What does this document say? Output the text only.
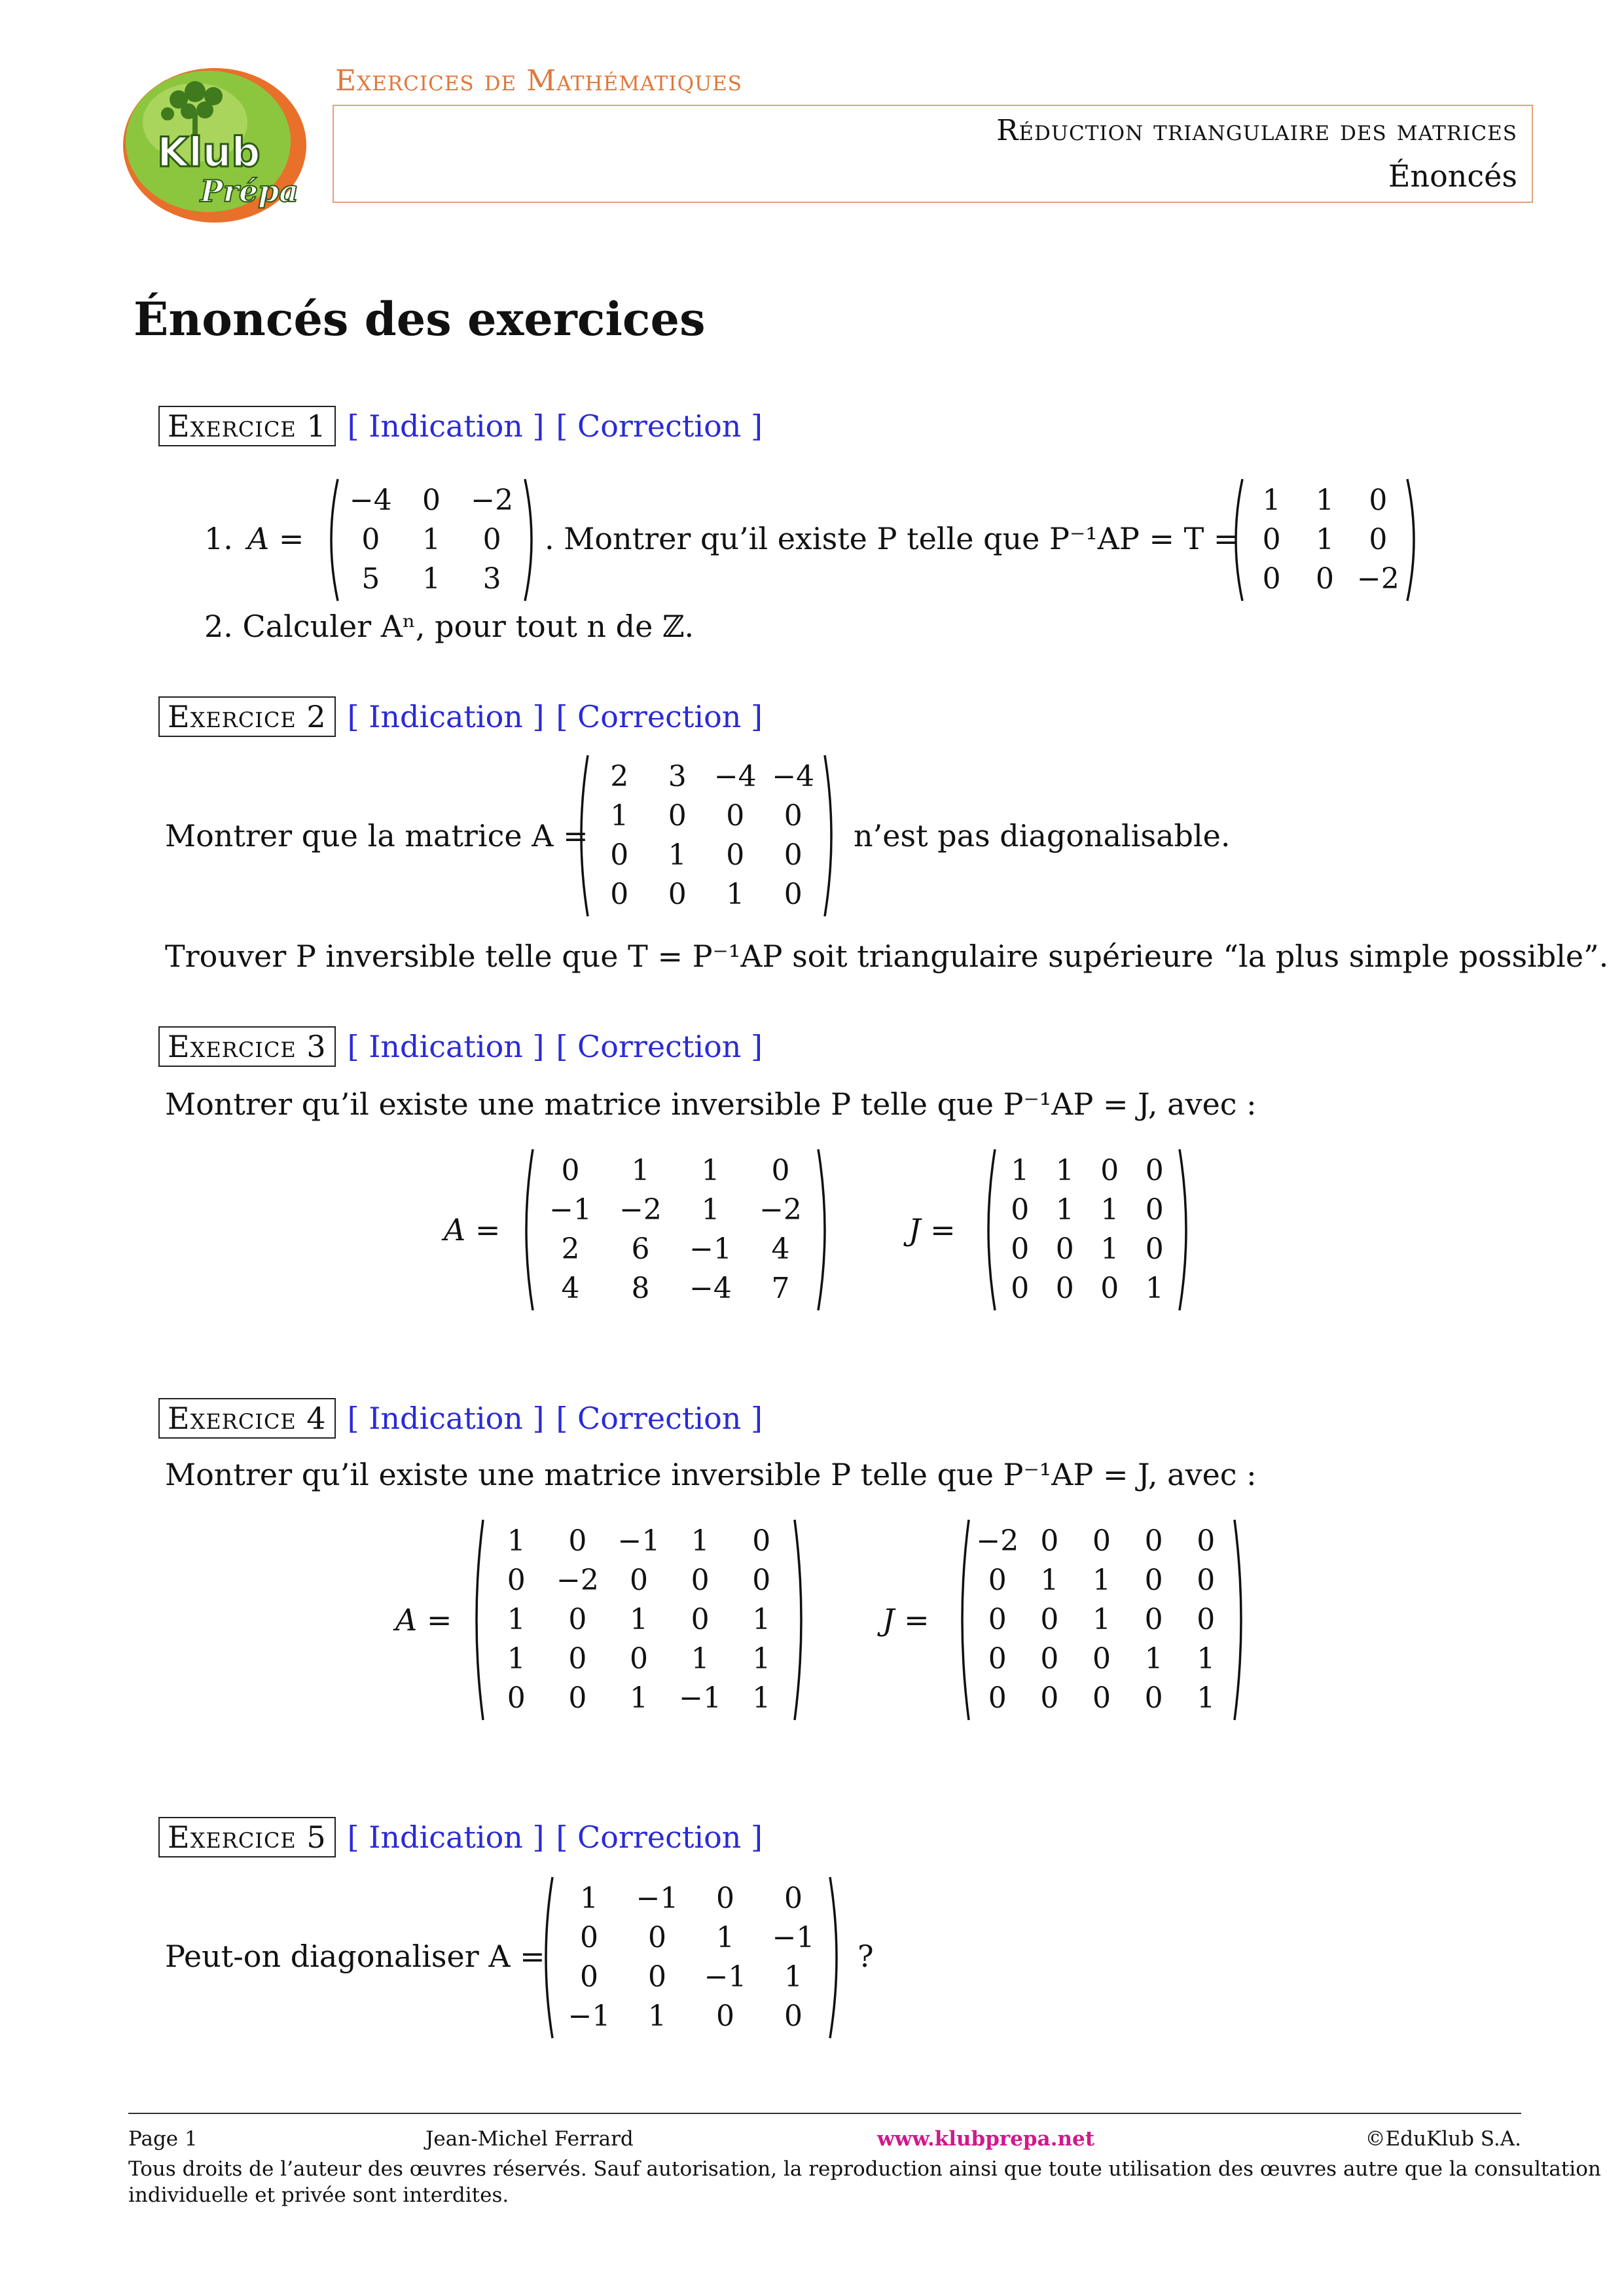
Klub
Prépa
Exercices de Mathématiques
Réduction triangulaire des matrices
Énoncés
Énoncés des exercices
Exercice 1 [ Indication ] [ Correction ]
1. A =
−4	0	−2
0	1	0
5	1	3
. Montrer qu’il existe P telle que P⁻¹AP = T =
1	1	0
0	1	0
0	0 −2
2. Calculer Aⁿ, pour tout n de ℤ.
Exercice 2 [ Indication ] [ Correction ]
Montrer que la matrice A =
2	3 −4 −4
1	0	0	0
0	1	0	0
0	0	1	0
n’est pas diagonalisable.
Trouver P inversible telle que T = P⁻¹AP soit triangulaire supérieure “la plus simple possible”.
Exercice 3 [ Indication ] [ Correction ]
Montrer qu’il existe une matrice inversible P telle que P⁻¹AP = J, avec :
A =
0	1	1	0
−1 −2	1	−2
2	6	−1	4
4	8	−4	7
J =
1 1 0 0
0 1 1 0
0 0 1 0
0 0 0 1
Exercice 4 [ Indication ] [ Correction ]
Montrer qu’il existe une matrice inversible P telle que P⁻¹AP = J, avec :
A =
1	0	−1	1	0
0	−2	0	0	0
1	0	1	0	1
1	0	0	1	1
0	0	1	−1	1
J =
−2 0	0	0	0
0	1	1	0	0
0	0	1	0	0
0	0	0	1	1
0	0	0	0	1
Exercice 5 [ Indication ] [ Correction ]
Peut-on diagonaliser A =
1	−1	0	0
0	0	1	−1
0	0	−1	1
−1	1	0	0
?
Page 1	Jean-Michel Ferrard	www.klubprepa.net	©EduKlub S.A.
Tous droits de l’auteur des œuvres réservés. Sauf autorisation, la reproduction ainsi que toute utilisation des œuvres autre que la consultation
individuelle et privée sont interdites.
